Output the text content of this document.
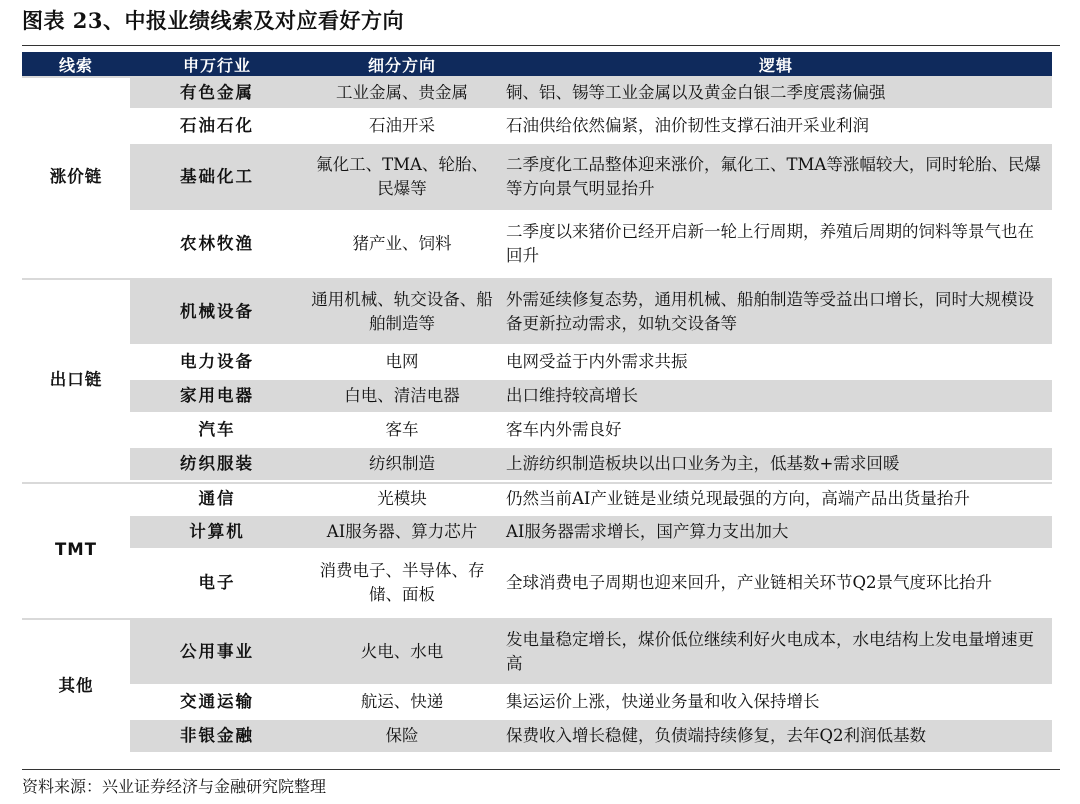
图表 23、中报业绩线索及对应看好方向
线索	申万行业	细分方向	逻辑
涨价链	有色金属	工业金属、贵金属	铜、铝、锡等工业金属以及黄金白银二季度震荡偏强
	石油石化	石油开采	石油供给依然偏紧，油价韧性支撑石油开采业利润
	基础化工	氟化工、TMA、轮胎、民爆等	二季度化工品整体迎来涨价，氟化工、TMA等涨幅较大，同时轮胎、民爆等方向景气明显抬升
	农林牧渔	猪产业、饲料	二季度以来猪价已经开启新一轮上行周期，养殖后周期的饲料等景气也在回升
出口链	机械设备	通用机械、轨交设备、船舶制造等	外需延续修复态势，通用机械、船舶制造等受益出口增长，同时大规模设备更新拉动需求，如轨交设备等
	电力设备	电网	电网受益于内外需求共振
	家用电器	白电、清洁电器	出口维持较高增长
	汽车	客车	客车内外需良好
	纺织服装	纺织制造	上游纺织制造板块以出口业务为主，低基数+需求回暖
TMT	通信	光模块	仍然当前AI产业链是业绩兑现最强的方向，高端产品出货量抬升
	计算机	AI服务器、算力芯片	AI服务器需求增长，国产算力支出加大
	电子	消费电子、半导体、存储、面板	全球消费电子周期也迎来回升，产业链相关环节Q2景气度环比抬升
其他	公用事业	火电、水电	发电量稳定增长，煤价低位继续利好火电成本，水电结构上发电量增速更高
	交通运输	航运、快递	集运运价上涨，快递业务量和收入保持增长
	非银金融	保险	保费收入增长稳健，负债端持续修复，去年Q2利润低基数
资料来源：兴业证券经济与金融研究院整理
